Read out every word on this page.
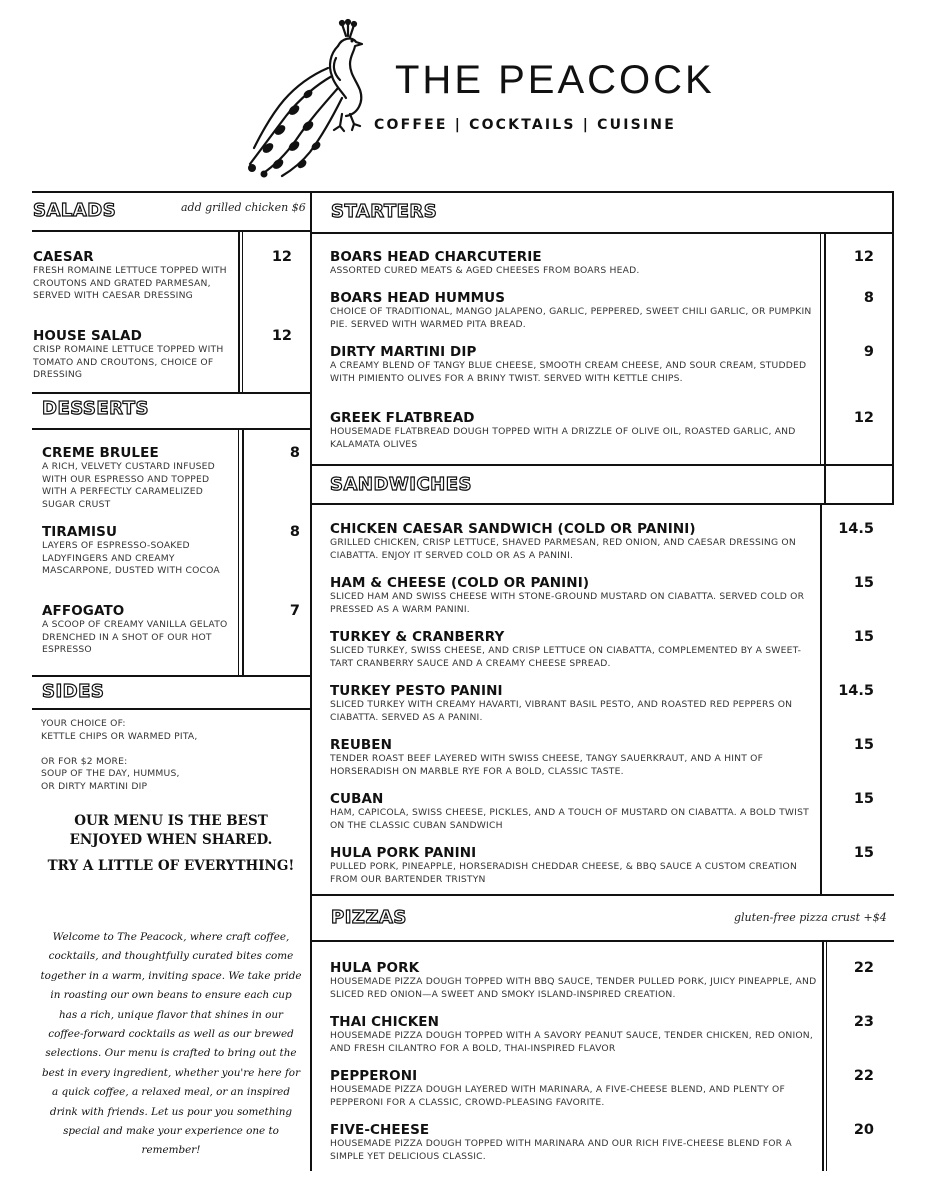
THE PEACOCK
COFFEE | COCKTAILS | CUISINE
SALADS	add grilled chicken $6 STARTERS
DESSERTS
SANDWICHES
SIDES
PIZZAS	gluten-free pizza crust +$4
CAESAR
FRESH ROMAINE LETTUCE TOPPED WITH CROUTONS AND GRATED PARMESAN, SERVED WITH CAESAR DRESSING
12
HOUSE SALAD
CRISP ROMAINE LETTUCE TOPPED WITH TOMATO AND CROUTONS, CHOICE OF DRESSING
12
CREME BRULEE
A RICH, VELVETY CUSTARD INFUSED WITH OUR ESPRESSO AND TOPPED WITH A PERFECTLY CARAMELIZED SUGAR CRUST
8
TIRAMISU
LAYERS OF ESPRESSO-SOAKED LADYFINGERS AND CREAMY MASCARPONE, DUSTED WITH COCOA
8
AFFOGATO
A SCOOP OF CREAMY VANILLA GELATO DRENCHED IN A SHOT OF OUR HOT ESPRESSO
7
YOUR CHOICE OF:
KETTLE CHIPS OR WARMED PITA,
OR FOR $2 MORE:
SOUP OF THE DAY, HUMMUS,
OR DIRTY MARTINI DIP
OUR MENU IS THE BEST
ENJOYED WHEN SHARED.
TRY A LITTLE OF EVERYTHING!
Welcome to The Peacock, where craft coffee, cocktails, and thoughtfully curated bites come together in a warm, inviting space. We take pride in roasting our own beans to ensure each cup has a rich, unique flavor that shines in our coffee-forward cocktails as well as our brewed selections. Our menu is crafted to bring out the best in every ingredient, whether you're here for a quick coffee, a relaxed meal, or an inspired drink with friends. Let us pour you something special and make your experience one to remember!
BOARS HEAD CHARCUTERIE
ASSORTED CURED MEATS & AGED CHEESES FROM BOARS HEAD.
12
BOARS HEAD HUMMUS
CHOICE OF TRADITIONAL, MANGO JALAPENO, GARLIC, PEPPERED, SWEET CHILI GARLIC, OR PUMPKIN PIE. SERVED WITH WARMED PITA BREAD.
8
DIRTY MARTINI DIP
A CREAMY BLEND OF TANGY BLUE CHEESE, SMOOTH CREAM CHEESE, AND SOUR CREAM, STUDDED WITH PIMIENTO OLIVES FOR A BRINY TWIST. SERVED WITH KETTLE CHIPS.
9
GREEK FLATBREAD
HOUSEMADE FLATBREAD DOUGH TOPPED WITH A DRIZZLE OF OLIVE OIL, ROASTED GARLIC, AND KALAMATA OLIVES
12
CHICKEN CAESAR SANDWICH (COLD OR PANINI)
GRILLED CHICKEN, CRISP LETTUCE, SHAVED PARMESAN, RED ONION, AND CAESAR DRESSING ON CIABATTA. ENJOY IT SERVED COLD OR AS A PANINI.
14.5
HAM & CHEESE (COLD OR PANINI)
SLICED HAM AND SWISS CHEESE WITH STONE-GROUND MUSTARD ON CIABATTA. SERVED COLD OR PRESSED AS A WARM PANINI.
15
TURKEY & CRANBERRY
SLICED TURKEY, SWISS CHEESE, AND CRISP LETTUCE ON CIABATTA, COMPLEMENTED BY A SWEET-TART CRANBERRY SAUCE AND A CREAMY CHEESE SPREAD.
15
TURKEY PESTO PANINI
SLICED TURKEY WITH CREAMY HAVARTI, VIBRANT BASIL PESTO, AND ROASTED RED PEPPERS ON CIABATTA. SERVED AS A PANINI.
14.5
REUBEN
TENDER ROAST BEEF LAYERED WITH SWISS CHEESE, TANGY SAUERKRAUT, AND A HINT OF HORSERADISH ON MARBLE RYE FOR A BOLD, CLASSIC TASTE.
15
CUBAN
HAM, CAPICOLA, SWISS CHEESE, PICKLES, AND A TOUCH OF MUSTARD ON CIABATTA. A BOLD TWIST ON THE CLASSIC CUBAN SANDWICH
15
HULA PORK PANINI
PULLED PORK, PINEAPPLE, HORSERADISH CHEDDAR CHEESE, & BBQ SAUCE A CUSTOM CREATION FROM OUR BARTENDER TRISTYN
15
HULA PORK
HOUSEMADE PIZZA DOUGH TOPPED WITH BBQ SAUCE, TENDER PULLED PORK, JUICY PINEAPPLE, AND SLICED RED ONION—A SWEET AND SMOKY ISLAND-INSPIRED CREATION.
22
THAI CHICKEN
HOUSEMADE PIZZA DOUGH TOPPED WITH A SAVORY PEANUT SAUCE, TENDER CHICKEN, RED ONION, AND FRESH CILANTRO FOR A BOLD, THAI-INSPIRED FLAVOR
23
PEPPERONI
HOUSEMADE PIZZA DOUGH LAYERED WITH MARINARA, A FIVE-CHEESE BLEND, AND PLENTY OF PEPPERONI FOR A CLASSIC, CROWD-PLEASING FAVORITE.
22
FIVE-CHEESE
HOUSEMADE PIZZA DOUGH TOPPED WITH MARINARA AND OUR RICH FIVE-CHEESE BLEND FOR A SIMPLE YET DELICIOUS CLASSIC.
20
